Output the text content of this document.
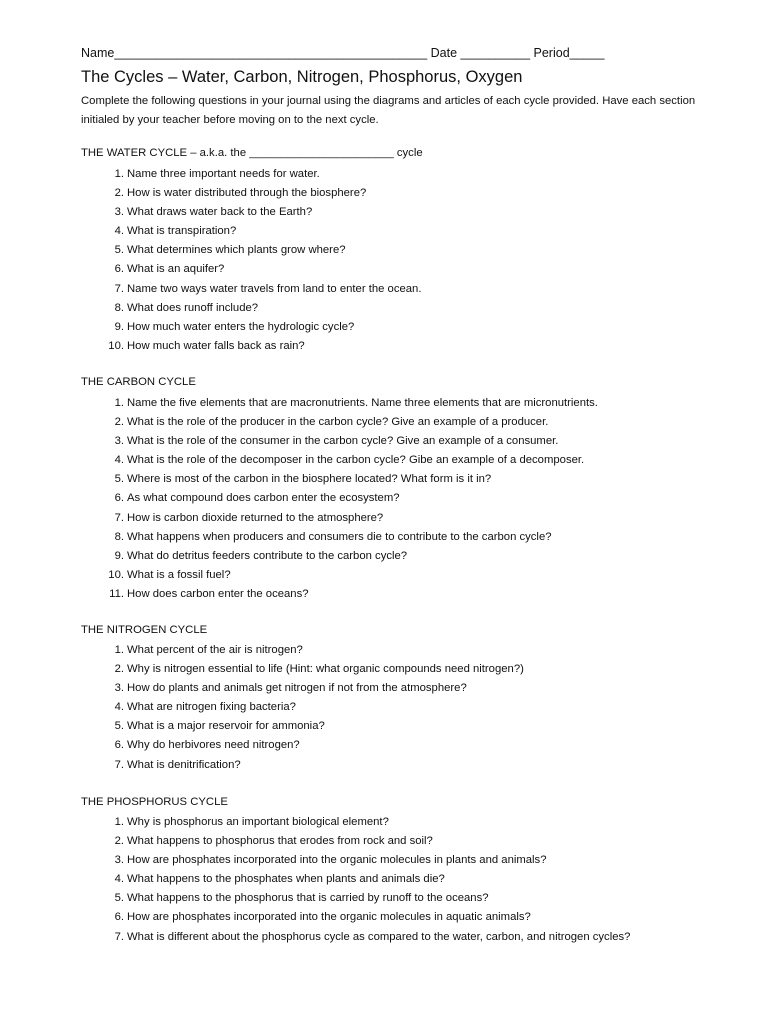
Name_____________________________________________ Date __________ Period_____
The Cycles – Water, Carbon, Nitrogen, Phosphorus, Oxygen
Complete the following questions in your journal using the diagrams and articles of each cycle provided. Have each section initialed by your teacher before moving on to the next cycle.
THE WATER CYCLE – a.k.a. the _______________________ cycle
1. Name three important needs for water.
2. How is water distributed through the biosphere?
3. What draws water back to the Earth?
4. What is transpiration?
5. What determines which plants grow where?
6. What is an aquifer?
7. Name two ways water travels from land to enter the ocean.
8. What does runoff include?
9. How much water enters the hydrologic cycle?
10. How much water falls back as rain?
THE CARBON CYCLE
1. Name the five elements that are macronutrients. Name three elements that are micronutrients.
2. What is the role of the producer in the carbon cycle? Give an example of a producer.
3. What is the role of the consumer in the carbon cycle? Give an example of a consumer.
4. What is the role of the decomposer in the carbon cycle? Gibe an example of a decomposer.
5. Where is most of the carbon in the biosphere located? What form is it in?
6. As what compound does carbon enter the ecosystem?
7. How is carbon dioxide returned to the atmosphere?
8. What happens when producers and consumers die to contribute to the carbon cycle?
9. What do detritus feeders contribute to the carbon cycle?
10. What is a fossil fuel?
11. How does carbon enter the oceans?
THE NITROGEN CYCLE
1. What percent of the air is nitrogen?
2. Why is nitrogen essential to life (Hint: what organic compounds need nitrogen?)
3. How do plants and animals get nitrogen if not from the atmosphere?
4. What are nitrogen fixing bacteria?
5. What is a major reservoir for ammonia?
6. Why do herbivores need nitrogen?
7. What is denitrification?
THE PHOSPHORUS CYCLE
1. Why is phosphorus an important biological element?
2. What happens to phosphorus that erodes from rock and soil?
3. How are phosphates incorporated into the organic molecules in plants and animals?
4. What happens to the phosphates when plants and animals die?
5. What happens to the phosphorus that is carried by runoff to the oceans?
6. How are phosphates incorporated into the organic molecules in aquatic animals?
7. What is different about the phosphorus cycle as compared to the water, carbon, and nitrogen cycles?
